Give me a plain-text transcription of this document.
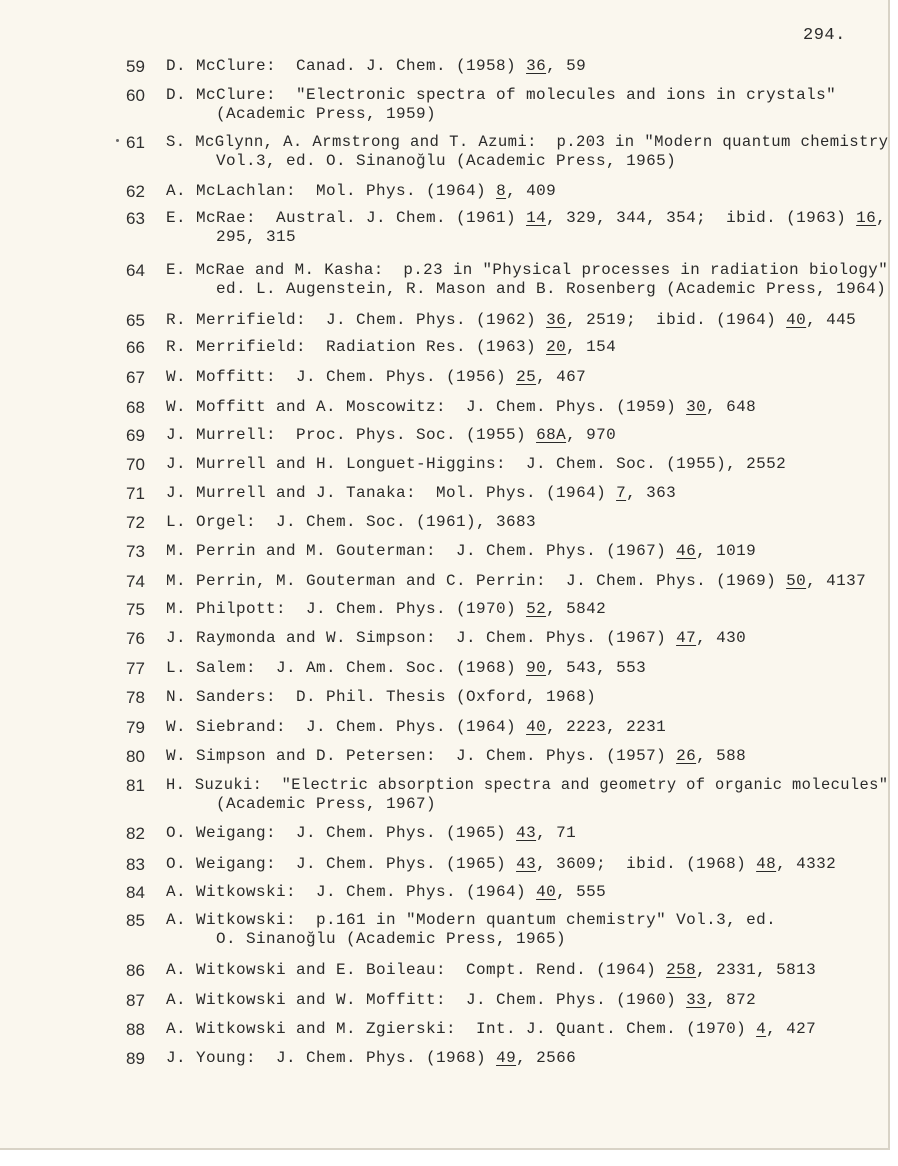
294.
59	D. McClure:  Canad. J. Chem. (1958) 36, 59
60	D. McClure:  "Electronic spectra of molecules and ions in crystals"
(Academic Press, 1959)
61	S. McGlynn, A. Armstrong and T. Azumi:  p.203 in "Modern quantum chemistry
Vol.3, ed. O. Sinanoğlu (Academic Press, 1965)
62	A. McLachlan:  Mol. Phys. (1964) 8, 409
63	E. McRae:  Austral. J. Chem. (1961) 14, 329, 344, 354;  ibid. (1963) 16,
295, 315
64	E. McRae and M. Kasha:  p.23 in "Physical processes in radiation biology"
ed. L. Augenstein, R. Mason and B. Rosenberg (Academic Press, 1964)
65	R. Merrifield:  J. Chem. Phys. (1962) 36, 2519;  ibid. (1964) 40, 445
66	R. Merrifield:  Radiation Res. (1963) 20, 154
67	W. Moffitt:  J. Chem. Phys. (1956) 25, 467
68	W. Moffitt and A. Moscowitz:  J. Chem. Phys. (1959) 30, 648
69	J. Murrell:  Proc. Phys. Soc. (1955) 68A, 970
70	J. Murrell and H. Longuet-Higgins:  J. Chem. Soc. (1955), 2552
71	J. Murrell and J. Tanaka:  Mol. Phys. (1964) 7, 363
72	L. Orgel:  J. Chem. Soc. (1961), 3683
73	M. Perrin and M. Gouterman:  J. Chem. Phys. (1967) 46, 1019
74	M. Perrin, M. Gouterman and C. Perrin:  J. Chem. Phys. (1969) 50, 4137
75	M. Philpott:  J. Chem. Phys. (1970) 52, 5842
76	J. Raymonda and W. Simpson:  J. Chem. Phys. (1967) 47, 430
77	L. Salem:  J. Am. Chem. Soc. (1968) 90, 543, 553
78	N. Sanders:  D. Phil. Thesis (Oxford, 1968)
79	W. Siebrand:  J. Chem. Phys. (1964) 40, 2223, 2231
80	W. Simpson and D. Petersen:  J. Chem. Phys. (1957) 26, 588
81	H. Suzuki:  "Electric absorption spectra and geometry of organic molecules"
(Academic Press, 1967)
82	O. Weigang:  J. Chem. Phys. (1965) 43, 71
83	O. Weigang:  J. Chem. Phys. (1965) 43, 3609;  ibid. (1968) 48, 4332
84	A. Witkowski:  J. Chem. Phys. (1964) 40, 555
85	A. Witkowski:  p.161 in "Modern quantum chemistry" Vol.3, ed.
O. Sinanoğlu (Academic Press, 1965)
86	A. Witkowski and E. Boileau:  Compt. Rend. (1964) 258, 2331, 5813
87	A. Witkowski and W. Moffitt:  J. Chem. Phys. (1960) 33, 872
88	A. Witkowski and M. Zgierski:  Int. J. Quant. Chem. (1970) 4, 427
89	J. Young:  J. Chem. Phys. (1968) 49, 2566
